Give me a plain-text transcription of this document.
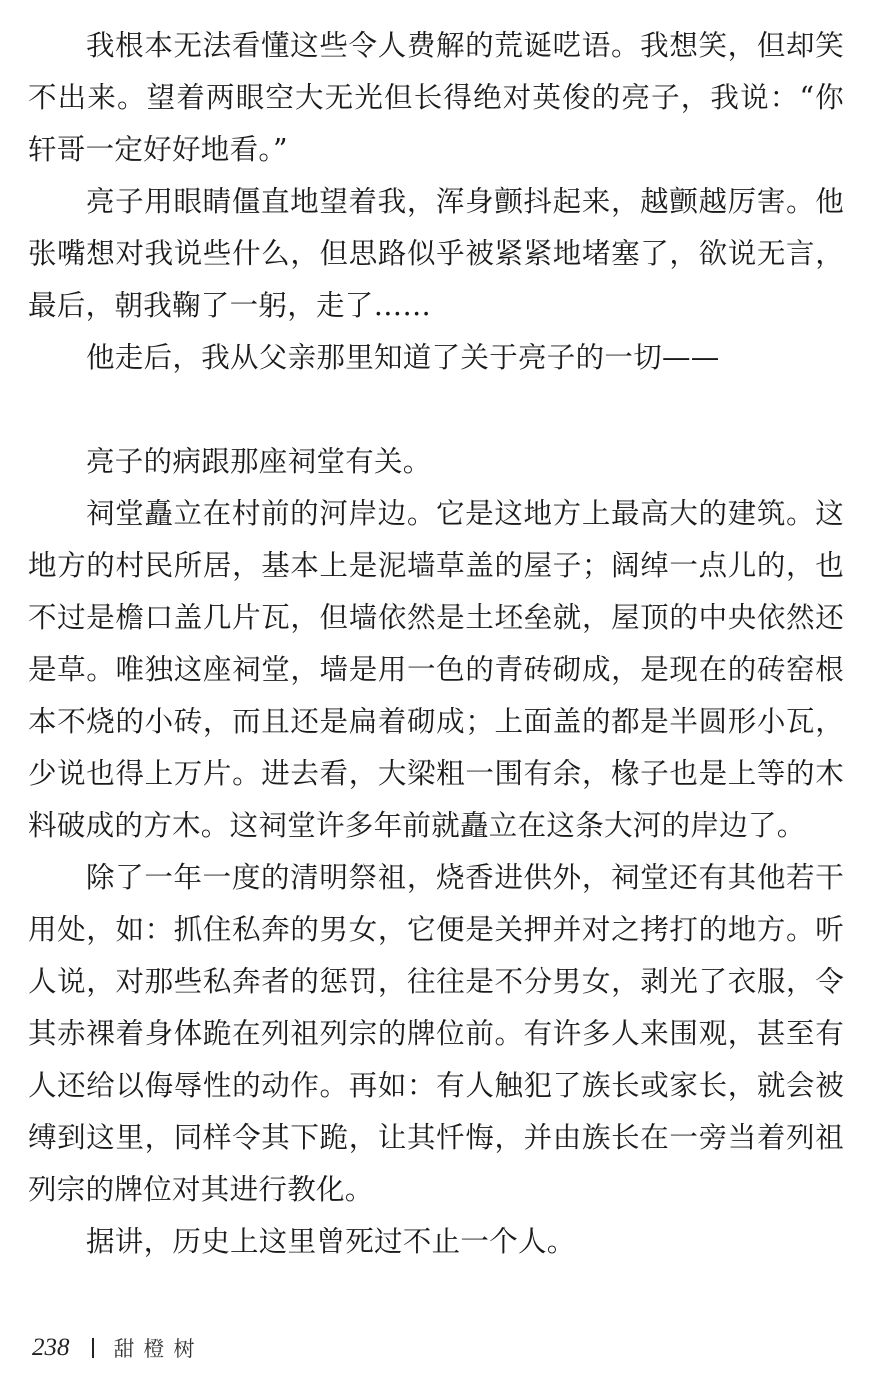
我根本无法看懂这些令人费解的荒诞呓语。我想笑，但却笑不出来。望着两眼空大无光但长得绝对英俊的亮子，我说：“你轩哥一定好好地看。”

亮子用眼睛僵直地望着我，浑身颤抖起来，越颤越厉害。他张嘴想对我说些什么，但思路似乎被紧紧地堵塞了，欲说无言，最后，朝我鞠了一躬，走了……

他走后，我从父亲那里知道了关于亮子的一切——

亮子的病跟那座祠堂有关。

祠堂矗立在村前的河岸边。它是这地方上最高大的建筑。这地方的村民所居，基本上是泥墙草盖的屋子；阔绰一点儿的，也不过是檐口盖几片瓦，但墙依然是土坯垒就，屋顶的中央依然还是草。唯独这座祠堂，墙是用一色的青砖砌成，是现在的砖窑根本不烧的小砖，而且还是扁着砌成；上面盖的都是半圆形小瓦，少说也得上万片。进去看，大梁粗一围有余，椽子也是上等的木料破成的方木。这祠堂许多年前就矗立在这条大河的岸边了。

除了一年一度的清明祭祖，烧香进供外，祠堂还有其他若干用处，如：抓住私奔的男女，它便是关押并对之拷打的地方。听人说，对那些私奔者的惩罚，往往是不分男女，剥光了衣服，令其赤裸着身体跪在列祖列宗的牌位前。有许多人来围观，甚至有人还给以侮辱性的动作。再如：有人触犯了族长或家长，就会被缚到这里，同样令其下跪，让其忏悔，并由族长在一旁当着列祖列宗的牌位对其进行教化。

据讲，历史上这里曾死过不止一个人。

238 甜橙树
